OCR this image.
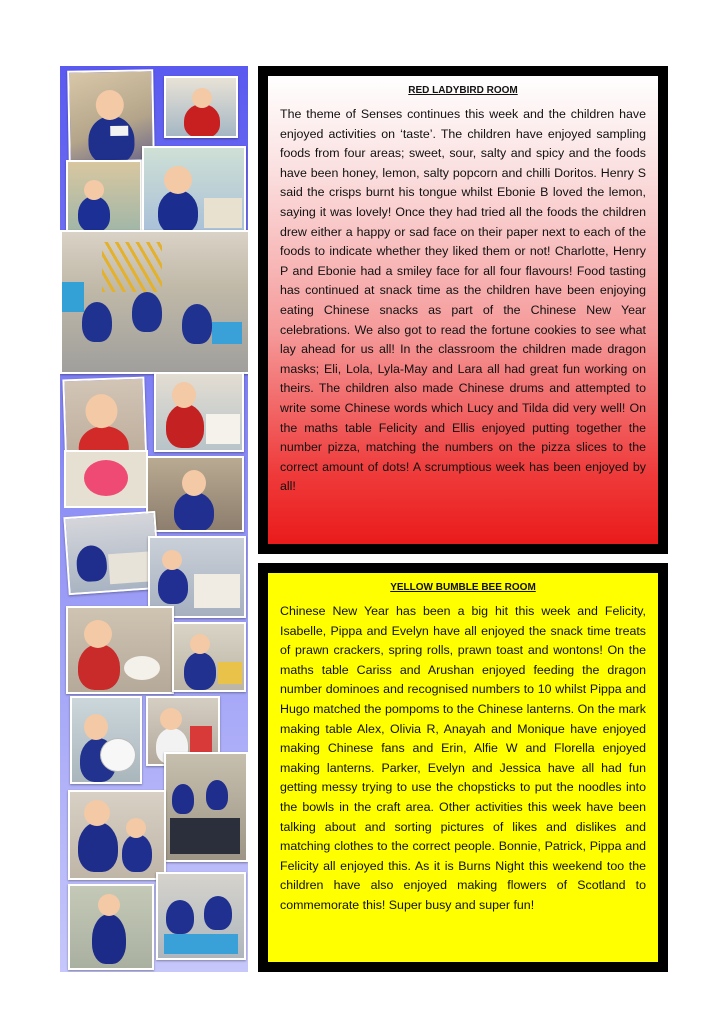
RED LADYBIRD ROOM

The theme of Senses continues this week and the children have enjoyed activities on ‘taste’. The children have enjoyed sampling foods from four areas; sweet, sour, salty and spicy and the foods have been honey, lemon, salty popcorn and chilli Doritos. Henry S said the crisps burnt his tongue whilst Ebonie B loved the lemon, saying it was lovely! Once they had tried all the foods the children drew either a happy or sad face on their paper next to each of the foods to indicate whether they liked them or not! Charlotte, Henry P and Ebonie had a smiley face for all four flavours! Food tasting has continued at snack time as the children have been enjoying eating Chinese snacks as part of the Chinese New Year celebrations. We also got to read the fortune cookies to see what lay ahead for us all! In the classroom the children made dragon masks; Eli, Lola, Lyla-May and Lara all had great fun working on theirs. The children also made Chinese drums and attempted to write some Chinese words which Lucy and Tilda did very well! On the maths table Felicity and Ellis enjoyed putting together the number pizza, matching the numbers on the pizza slices to the correct amount of dots! A scrumptious week has been enjoyed by all!

YELLOW BUMBLE BEE ROOM

Chinese New Year has been a big hit this week and Felicity, Isabelle, Pippa and Evelyn have all enjoyed the snack time treats of prawn crackers, spring rolls, prawn toast and wontons! On the maths table Cariss and Arushan enjoyed feeding the dragon number dominoes and recognised numbers to 10 whilst Pippa and Hugo matched the pompoms to the Chinese lanterns. On the mark making table Alex, Olivia R, Anayah and Monique have enjoyed making Chinese fans and Erin, Alfie W and Florella enjoyed making lanterns. Parker, Evelyn and Jessica have all had fun getting messy trying to use the chopsticks to put the noodles into the bowls in the craft area. Other activities this week have been talking about and sorting pictures of likes and dislikes and matching clothes to the correct people. Bonnie, Patrick, Pippa and Felicity all enjoyed this. As it is Burns Night this weekend too the children have also enjoyed making flowers of Scotland to commemorate this! Super busy and super fun!
